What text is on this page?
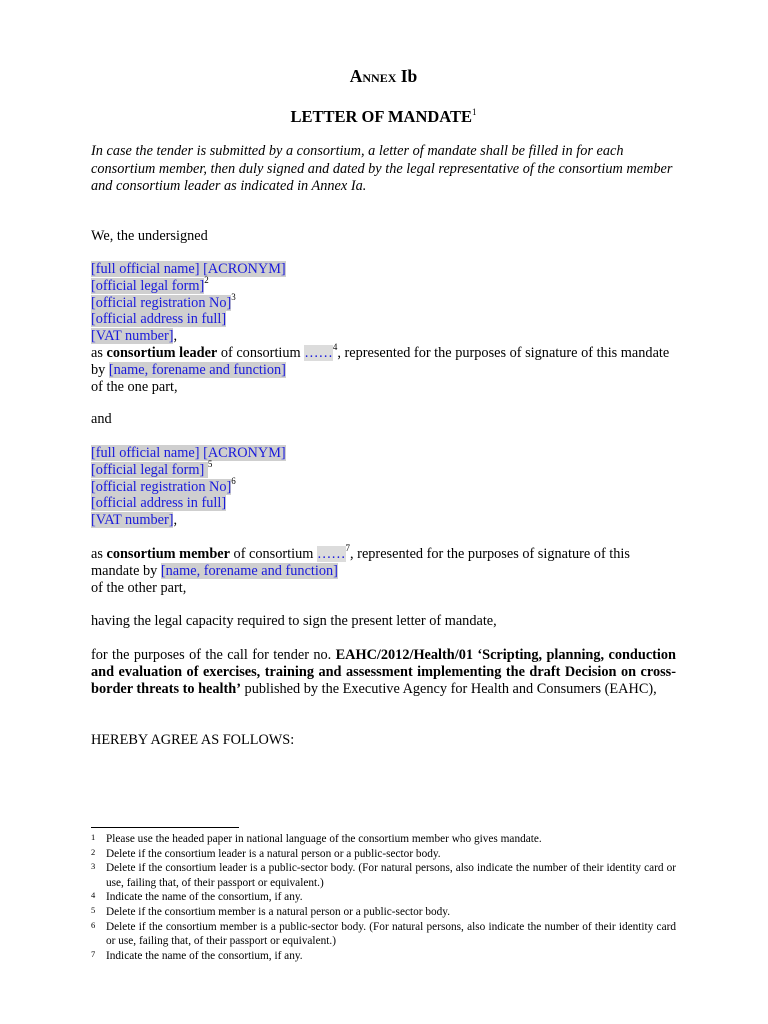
Annex Ib
LETTER OF MANDATE$^1$
In case the tender is submitted by a consortium, a letter of mandate shall be filled in for each consortium member, then duly signed and dated by the legal representative of the consortium member and consortium leader as indicated in Annex Ia.
We, the undersigned
[full official name] [ACRONYM]
[official legal form]$^2$
[official registration No]$^3$
[official address in full]
[VAT number],
as consortium leader of consortium ……$^4$, represented for the purposes of signature of this mandate by [name, forename and function]
of the one part,
and
[full official name] [ACRONYM]
[official legal form] $^5$
[official registration No]$^6$
[official address in full]
[VAT number],
as consortium member of consortium ……$^7$, represented for the purposes of signature of this mandate by [name, forename and function]
of the other part,
having the legal capacity required to sign the present letter of mandate,
for the purposes of the call for tender no. EAHC/2012/Health/01 ‘Scripting, planning, conduction and evaluation of exercises, training and assessment implementing the draft Decision on cross-border threats to health’ published by the Executive Agency for Health and Consumers (EAHC),
HEREBY AGREE AS FOLLOWS:
1 Please use the headed paper in national language of the consortium member who gives mandate.
2 Delete if the consortium leader is a natural person or a public-sector body.
3 Delete if the consortium leader is a public-sector body. (For natural persons, also indicate the number of their identity card or use, failing that, of their passport or equivalent.)
4 Indicate the name of the consortium, if any.
5 Delete if the consortium member is a natural person or a public-sector body.
6 Delete if the consortium member is a public-sector body. (For natural persons, also indicate the number of their identity card or use, failing that, of their passport or equivalent.)
7 Indicate the name of the consortium, if any.
